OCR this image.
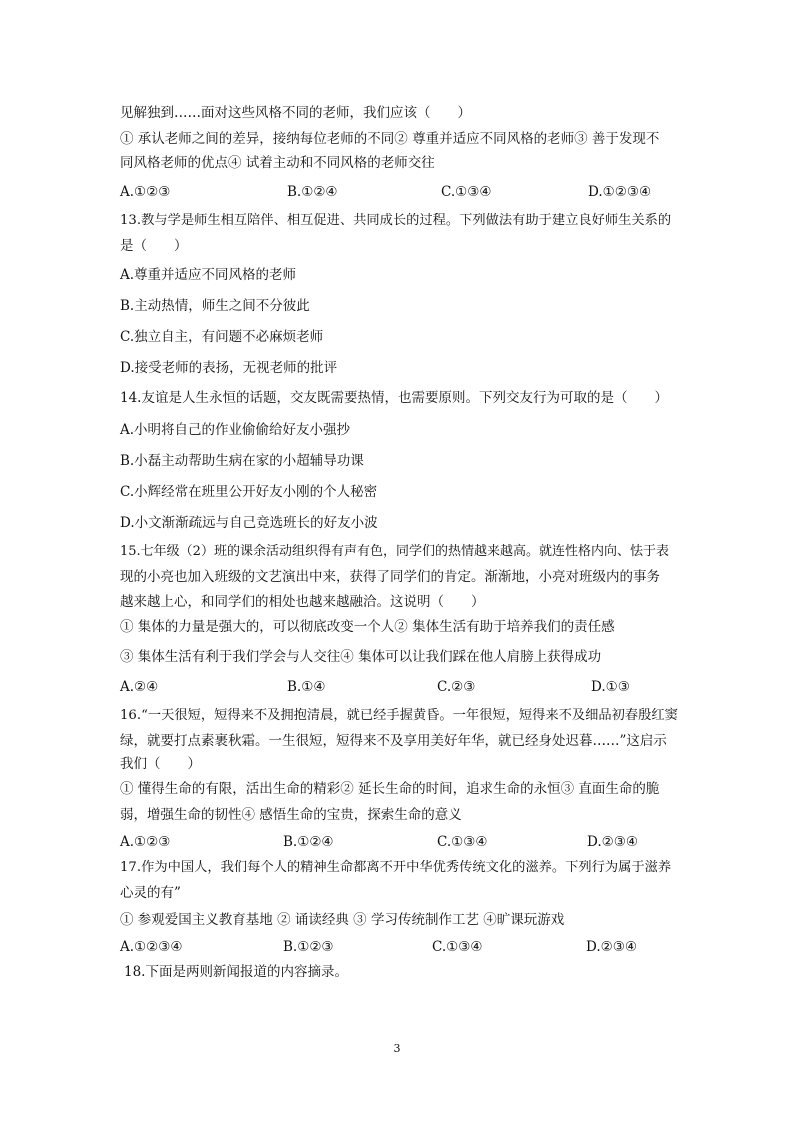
见解独到……面对这些风格不同的老师，我们应该（　　）
① 承认老师之间的差异，接纳每位老师的不同② 尊重并适应不同风格的老师③ 善于发现不
同风格老师的优点④ 试着主动和不同风格的老师交往
A.①②③	B.①②④	C.①③④	D.①②③④
13.教与学是师生相互陪伴、相互促进、共同成长的过程。下列做法有助于建立良好师生关系的
是（　　）
A.尊重并适应不同风格的老师
B.主动热情，师生之间不分彼此
C.独立自主，有问题不必麻烦老师
D.接受老师的表扬，无视老师的批评
14.友谊是人生永恒的话题，交友既需要热情，也需要原则。下列交友行为可取的是（　　）
A.小明将自己的作业偷偷给好友小强抄
B.小磊主动帮助生病在家的小超辅导功课
C.小辉经常在班里公开好友小刚的个人秘密
D.小文渐渐疏远与自己竞选班长的好友小波
15.七年级（2）班的课余活动组织得有声有色，同学们的热情越来越高。就连性格内向、怯于表
现的小亮也加入班级的文艺演出中来，获得了同学们的肯定。渐渐地，小亮对班级内的事务
越来越上心，和同学们的相处也越来越融洽。这说明（　　）
① 集体的力量是强大的，可以彻底改变一个人② 集体生活有助于培养我们的责任感
③ 集体生活有利于我们学会与人交往④ 集体可以让我们踩在他人肩膀上获得成功
A.②④	B.①④	C.②③	D.①③
16.“一天很短，短得来不及拥抱清晨，就已经手握黄昏。一年很短，短得来不及细品初春殷红窦
绿，就要打点素裹秋霜。一生很短，短得来不及享用美好年华，就已经身处迟暮……”这启示
我们（　　）
① 懂得生命的有限，活出生命的精彩② 延长生命的时间，追求生命的永恒③ 直面生命的脆
弱，增强生命的韧性④ 感悟生命的宝贵，探索生命的意义
A.①②③	B.①②④	C.①③④	D.②③④
17.作为中国人，我们每个人的精神生命都离不开中华优秀传统文化的滋养。下列行为属于滋养
心灵的有”
① 参观爱国主义教育基地 ② 诵读经典 ③ 学习传统制作工艺 ④旷课玩游戏
A.①②③④	B.①②③	C.①③④	D.②③④
18.下面是两则新闻报道的内容摘录。
3
